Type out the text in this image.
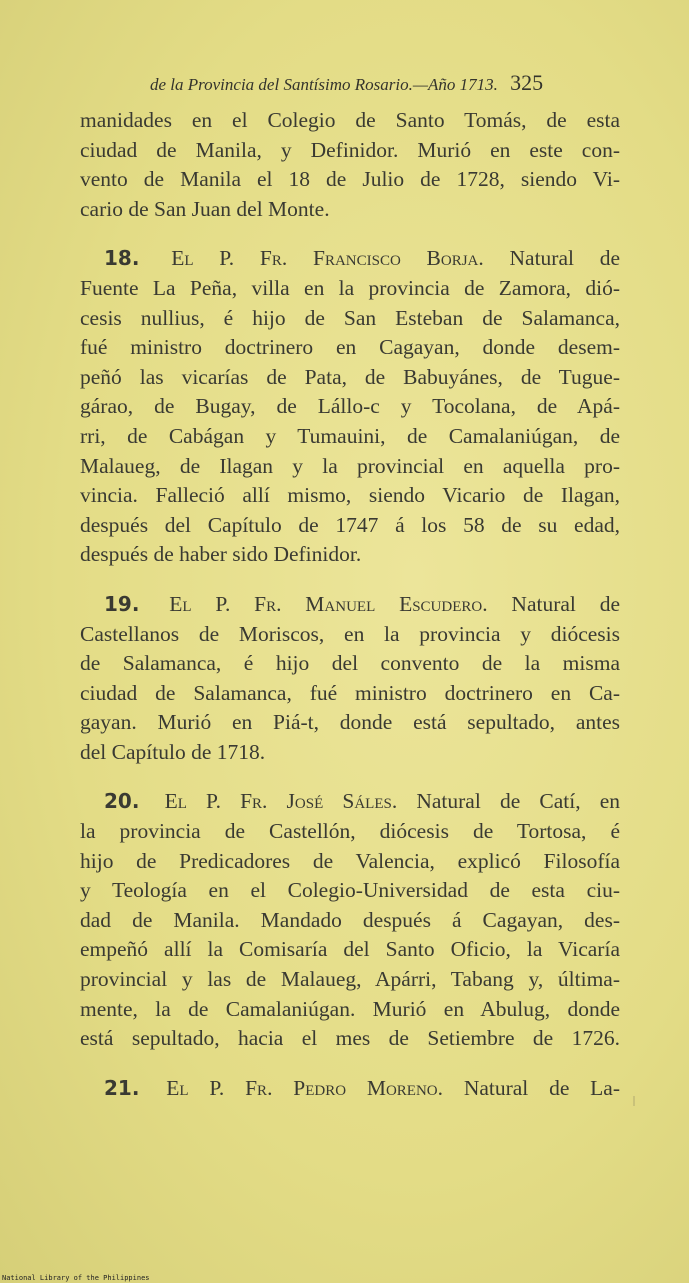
de la Provincia del Santísimo Rosario.—Año 1713. 325
manidades en el Colegio de Santo Tomás, de esta
ciudad de Manila, y Definidor. Murió en este con-
vento de Manila el 18 de Julio de 1728, siendo Vi-
cario de San Juan del Monte.
18. El P. Fr. Francisco Borja. Natural de
Fuente La Peña, villa en la provincia de Zamora, dió-
cesis nullius, é hijo de San Esteban de Salamanca,
fué ministro doctrinero en Cagayan, donde desem-
peñó las vicarías de Pata, de Babuyánes, de Tugue-
gárao, de Bugay, de Lállo-c y Tocolana, de Apá-
rri, de Cabágan y Tumauini, de Camalaniúgan, de
Malaueg, de Ilagan y la provincial en aquella pro-
vincia. Falleció allí mismo, siendo Vicario de Ilagan,
después del Capítulo de 1747 á los 58 de su edad,
después de haber sido Definidor.
19. El P. Fr. Manuel Escudero. Natural de
Castellanos de Moriscos, en la provincia y diócesis
de Salamanca, é hijo del convento de la misma
ciudad de Salamanca, fué ministro doctrinero en Ca-
gayan. Murió en Piá-t, donde está sepultado, antes
del Capítulo de 1718.
20. El P. Fr. José Sáles. Natural de Catí, en
la provincia de Castellón, diócesis de Tortosa, é
hijo de Predicadores de Valencia, explicó Filosofía
y Teología en el Colegio-Universidad de esta ciu-
dad de Manila. Mandado después á Cagayan, des-
empeñó allí la Comisaría del Santo Oficio, la Vicaría
provincial y las de Malaueg, Apárri, Tabang y, última-
mente, la de Camalaniúgan. Murió en Abulug, donde
está sepultado, hacia el mes de Setiembre de 1726.
21. El P. Fr. Pedro Moreno. Natural de La-
National Library of the Philippines
